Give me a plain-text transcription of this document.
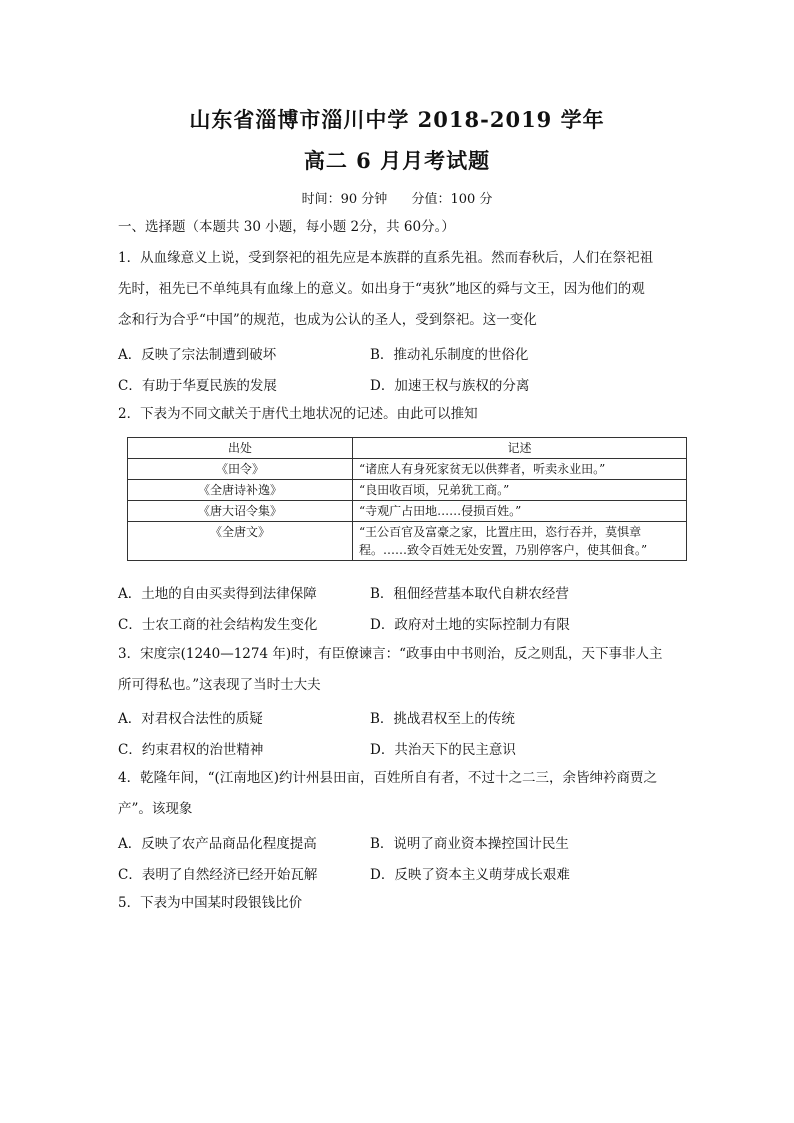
山东省淄博市淄川中学 2018-2019 学年
高二 6 月月考试题
时间：90 分钟 分值：100 分
一、选择题（本题共 30 小题，每小题 2分，共 60分。）
1．从血缘意义上说，受到祭祀的祖先应是本族群的直系先祖。然而春秋后，人们在祭祀祖
先时，祖先已不单纯具有血缘上的意义。如出身于“夷狄”地区的舜与文王，因为他们的观
念和行为合乎“中国”的规范，也成为公认的圣人，受到祭祀。这一变化
A．反映了宗法制遭到破坏	B．推动礼乐制度的世俗化
C．有助于华夏民族的发展	D．加速王权与族权的分离
2．下表为不同文献关于唐代土地状况的记述。由此可以推知
出处	记述
《田令》	“诸庶人有身死家贫无以供葬者，听卖永业田。”
《全唐诗补逸》	“良田收百顷，兄弟犹工商。”
《唐大诏令集》	“寺观广占田地……侵损百姓。”
《全唐文》	“王公百官及富豪之家，比置庄田，恣行吞并，莫惧章程。……致令百姓无处安置，乃别停客户，使其佃食。”
A．土地的自由买卖得到法律保障	B．租佃经营基本取代自耕农经营
C．士农工商的社会结构发生变化	D．政府对土地的实际控制力有限
3．宋度宗(1240—1274 年)时，有臣僚谏言：“政事由中书则治，反之则乱，天下事非人主
所可得私也。”这表现了当时士大夫
A．对君权合法性的质疑	B．挑战君权至上的传统
C．约束君权的治世精神	D．共治天下的民主意识
4．乾隆年间，“(江南地区)约计州县田亩，百姓所自有者，不过十之二三，余皆绅衿商贾之
产”。该现象
A．反映了农产品商品化程度提高	B．说明了商业资本操控国计民生
C．表明了自然经济已经开始瓦解	D．反映了资本主义萌芽成长艰难
5．下表为中国某时段银钱比价
